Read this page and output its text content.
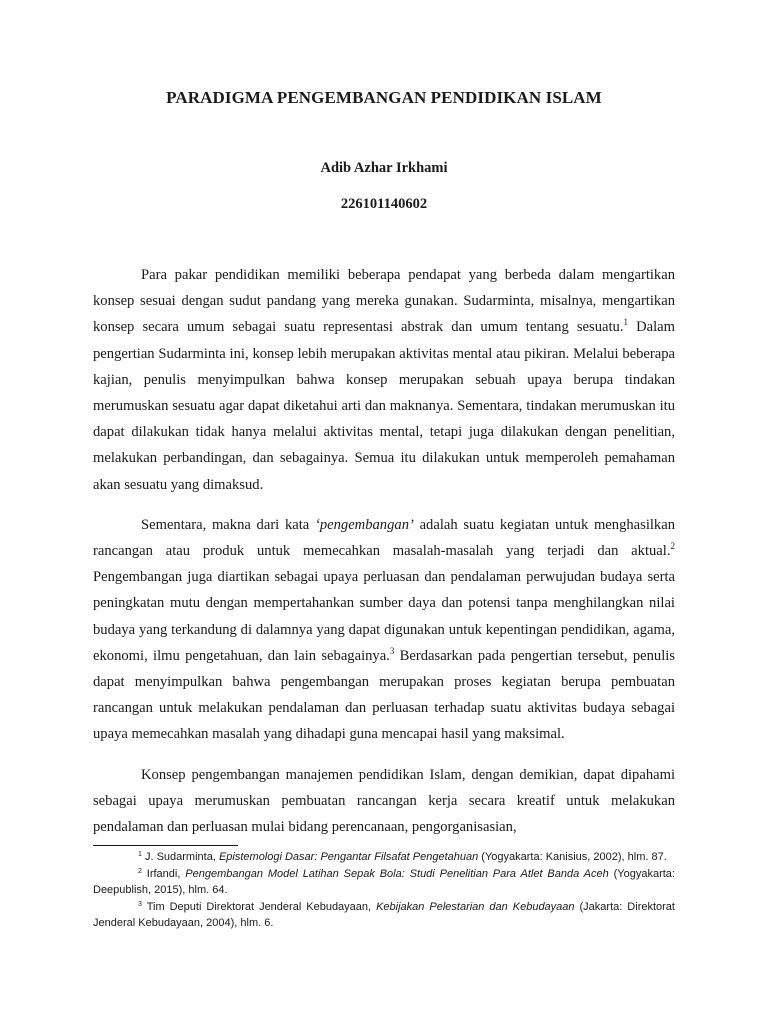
PARADIGMA PENGEMBANGAN PENDIDIKAN ISLAM
Adib Azhar Irkhami
226101140602

Para pakar pendidikan memiliki beberapa pendapat yang berbeda dalam mengartikan konsep sesuai dengan sudut pandang yang mereka gunakan. Sudarminta, misalnya, mengartikan konsep secara umum sebagai suatu representasi abstrak dan umum tentang sesuatu.$^1$ Dalam pengertian Sudarminta ini, konsep lebih merupakan aktivitas mental atau pikiran. Melalui beberapa kajian, penulis menyimpulkan bahwa konsep merupakan sebuah upaya berupa tindakan merumuskan sesuatu agar dapat diketahui arti dan maknanya. Sementara, tindakan merumuskan itu dapat dilakukan tidak hanya melalui aktivitas mental, tetapi juga dilakukan dengan penelitian, melakukan perbandingan, dan sebagainya. Semua itu dilakukan untuk memperoleh pemahaman akan sesuatu yang dimaksud.

Sementara, makna dari kata ‘pengembangan’ adalah suatu kegiatan untuk menghasilkan rancangan atau produk untuk memecahkan masalah-masalah yang terjadi dan aktual.$^2$ Pengembangan juga diartikan sebagai upaya perluasan dan pendalaman perwujudan budaya serta peningkatan mutu dengan mempertahankan sumber daya dan potensi tanpa menghilangkan nilai budaya yang terkandung di dalamnya yang dapat digunakan untuk kepentingan pendidikan, agama, ekonomi, ilmu pengetahuan, dan lain sebagainya.$^3$ Berdasarkan pada pengertian tersebut, penulis dapat menyimpulkan bahwa pengembangan merupakan proses kegiatan berupa pembuatan rancangan untuk melakukan pendalaman dan perluasan terhadap suatu aktivitas budaya sebagai upaya memecahkan masalah yang dihadapi guna mencapai hasil yang maksimal.

Konsep pengembangan manajemen pendidikan Islam, dengan demikian, dapat dipahami sebagai upaya merumuskan pembuatan rancangan kerja secara kreatif untuk melakukan pendalaman dan perluasan mulai bidang perencanaan, pengorganisasian,

$^1$ J. Sudarminta, Epistemologi Dasar: Pengantar Filsafat Pengetahuan (Yogyakarta: Kanisius, 2002), hlm. 87.

$^2$ Irfandi, Pengembangan Model Latihan Sepak Bola: Studi Penelitian Para Atlet Banda Aceh (Yogyakarta: Deepublish, 2015), hlm. 64.

$^3$ Tim Deputi Direktorat Jenderal Kebudayaan, Kebijakan Pelestarian dan Kebudayaan (Jakarta: Direktorat Jenderal Kebudayaan, 2004), hlm. 6.
